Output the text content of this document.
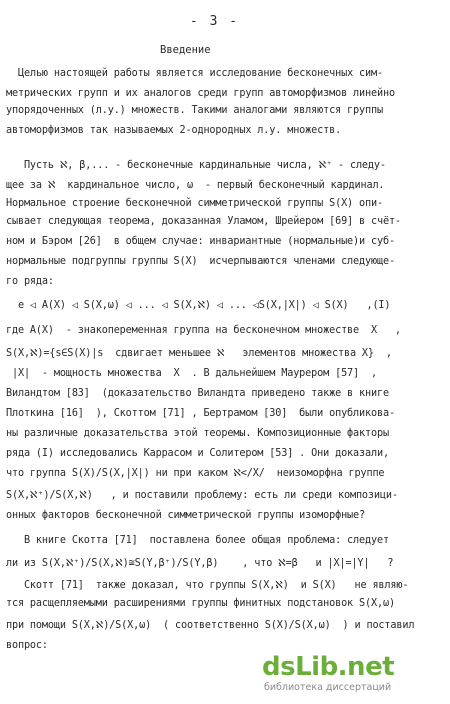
- 3 -
Введение
Целью настоящей работы является исследование бесконечных сим-
метрических групп и их аналогов среди групп автоморфизмов линейно
упорядоченных (л.у.) множеств. Такими аналогами являются группы
автоморфизмов так называемых 2-однородных л.у. множеств.
Пусть ℵ, β,... - бесконечные кардинальные числа, ℵ⁺ - следу-
щее за ℵ  кардинальное число, ω  - первый бесконечный кардинал.
Нормальное строение бесконечной симметрической группы S(X) опи-
сывает следующая теорема, доказанная Уламом, Шрейером [69] в счёт-
ном и Бэром [26]  в общем случае: инвариантные (нормальные)и суб-
нормальные подгруппы группы S(X)  исчерпываются членами следующе-
го ряда:
e ◁ A(X) ◁ S(X,ω) ◁ ... ◁ S(X,ℵ) ◁ ... ◁S(X,|X|) ◁ S(X)   ,(I)
где A(X)  - знакопеременная группа на бесконечном множестве  X   ,
S(X,ℵ)={s∈S(X)|s  сдвигает меньшее ℵ   элементов множества X}  ,
|X|  - мощность множества  X  . В дальнейшем Маурером [57]  ,
Виландтом [83]  (доказательство Виландта приведено также в книге
Плоткина [16]  ), Скоттом [71] , Бертрамом [30]  были опубликова-
ны различные доказательства этой теоремы. Композиционные факторы
ряда (I) исследовались Каррасом и Солитером [53] . Они доказали,
что группа S(X)/S(X,|X|) ни при каком ℵ</X/  неизоморфна группе
S(X,ℵ⁺)/S(X,ℵ)   , и поставили проблему: есть ли среди композици-
онных факторов бесконечной симметрической группы изоморфные?
В книге Скотта [71]  поставлена более общая проблема: следует
ли из S(X,ℵ⁺)/S(X,ℵ)≅S(Y,β⁺)/S(Y,β)    , что ℵ=β   и |X|=|Y|   ?
Скотт [71]  также доказал, что группы S(X,ℵ)  и S(X)   не являю-
тся расщепляемыми расширениями группы финитных подстановок S(X,ω)
при помощи S(X,ℵ)/S(X,ω)  ( соответственно S(X)/S(X,ω)  ) и поставил
вопрос:
dsLib.net
библиотека диссертаций
